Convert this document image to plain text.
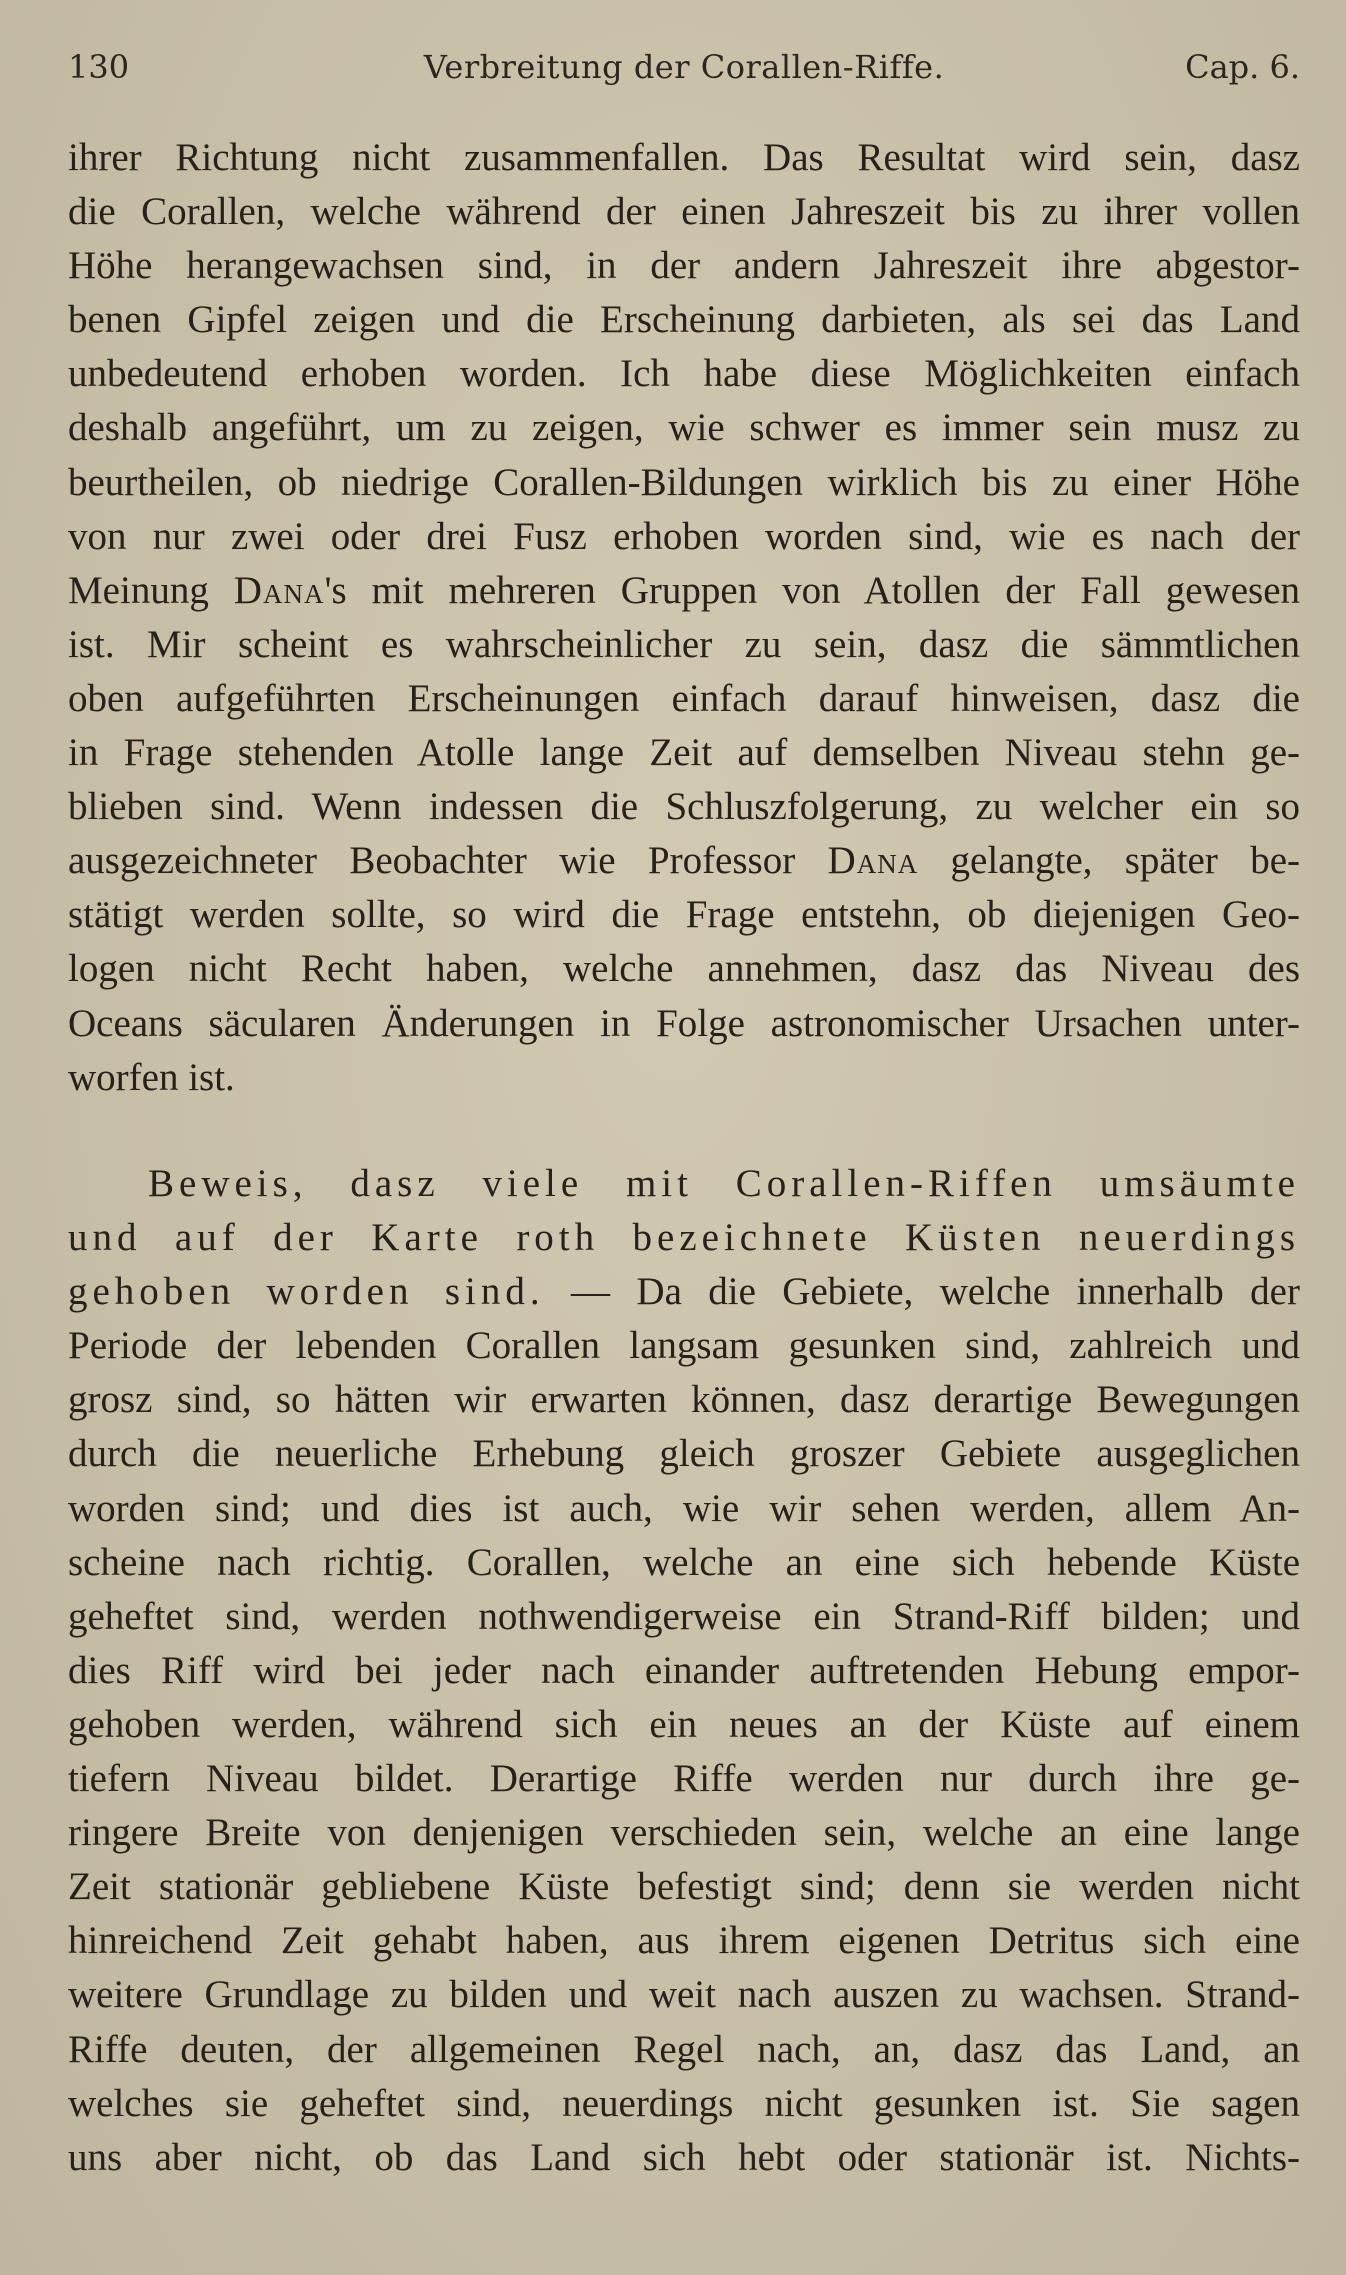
130	Verbreitung der Corallen-Riffe.	Cap. 6.
ihrer Richtung nicht zusammenfallen. Das Resultat wird sein, dasz
die Corallen, welche während der einen Jahreszeit bis zu ihrer vollen
Höhe herangewachsen sind, in der andern Jahreszeit ihre abgestor-
benen Gipfel zeigen und die Erscheinung darbieten, als sei das Land
unbedeutend erhoben worden. Ich habe diese Möglichkeiten einfach
deshalb angeführt, um zu zeigen, wie schwer es immer sein musz zu
beurtheilen, ob niedrige Corallen-Bildungen wirklich bis zu einer Höhe
von nur zwei oder drei Fusz erhoben worden sind, wie es nach der
Meinung Dana's mit mehreren Gruppen von Atollen der Fall gewesen
ist. Mir scheint es wahrscheinlicher zu sein, dasz die sämmtlichen
oben aufgeführten Erscheinungen einfach darauf hinweisen, dasz die
in Frage stehenden Atolle lange Zeit auf demselben Niveau stehn ge-
blieben sind. Wenn indessen die Schluszfolgerung, zu welcher ein so
ausgezeichneter Beobachter wie Professor Dana gelangte, später be-
stätigt werden sollte, so wird die Frage entstehn, ob diejenigen Geo-
logen nicht Recht haben, welche annehmen, dasz das Niveau des
Oceans säcularen Änderungen in Folge astronomischer Ursachen unter-
worfen ist.
Beweis, dasz viele mit Corallen-Riffen umsäumte
und auf der Karte roth bezeichnete Küsten neuerdings
gehoben worden sind. — Da die Gebiete, welche innerhalb der
Periode der lebenden Corallen langsam gesunken sind, zahlreich und
grosz sind, so hätten wir erwarten können, dasz derartige Bewegungen
durch die neuerliche Erhebung gleich groszer Gebiete ausgeglichen
worden sind; und dies ist auch, wie wir sehen werden, allem An-
scheine nach richtig. Corallen, welche an eine sich hebende Küste
geheftet sind, werden nothwendigerweise ein Strand-Riff bilden; und
dies Riff wird bei jeder nach einander auftretenden Hebung empor-
gehoben werden, während sich ein neues an der Küste auf einem
tiefern Niveau bildet. Derartige Riffe werden nur durch ihre ge-
ringere Breite von denjenigen verschieden sein, welche an eine lange
Zeit stationär gebliebene Küste befestigt sind; denn sie werden nicht
hinreichend Zeit gehabt haben, aus ihrem eigenen Detritus sich eine
weitere Grundlage zu bilden und weit nach auszen zu wachsen. Strand-
Riffe deuten, der allgemeinen Regel nach, an, dasz das Land, an
welches sie geheftet sind, neuerdings nicht gesunken ist. Sie sagen
uns aber nicht, ob das Land sich hebt oder stationär ist. Nichts-
